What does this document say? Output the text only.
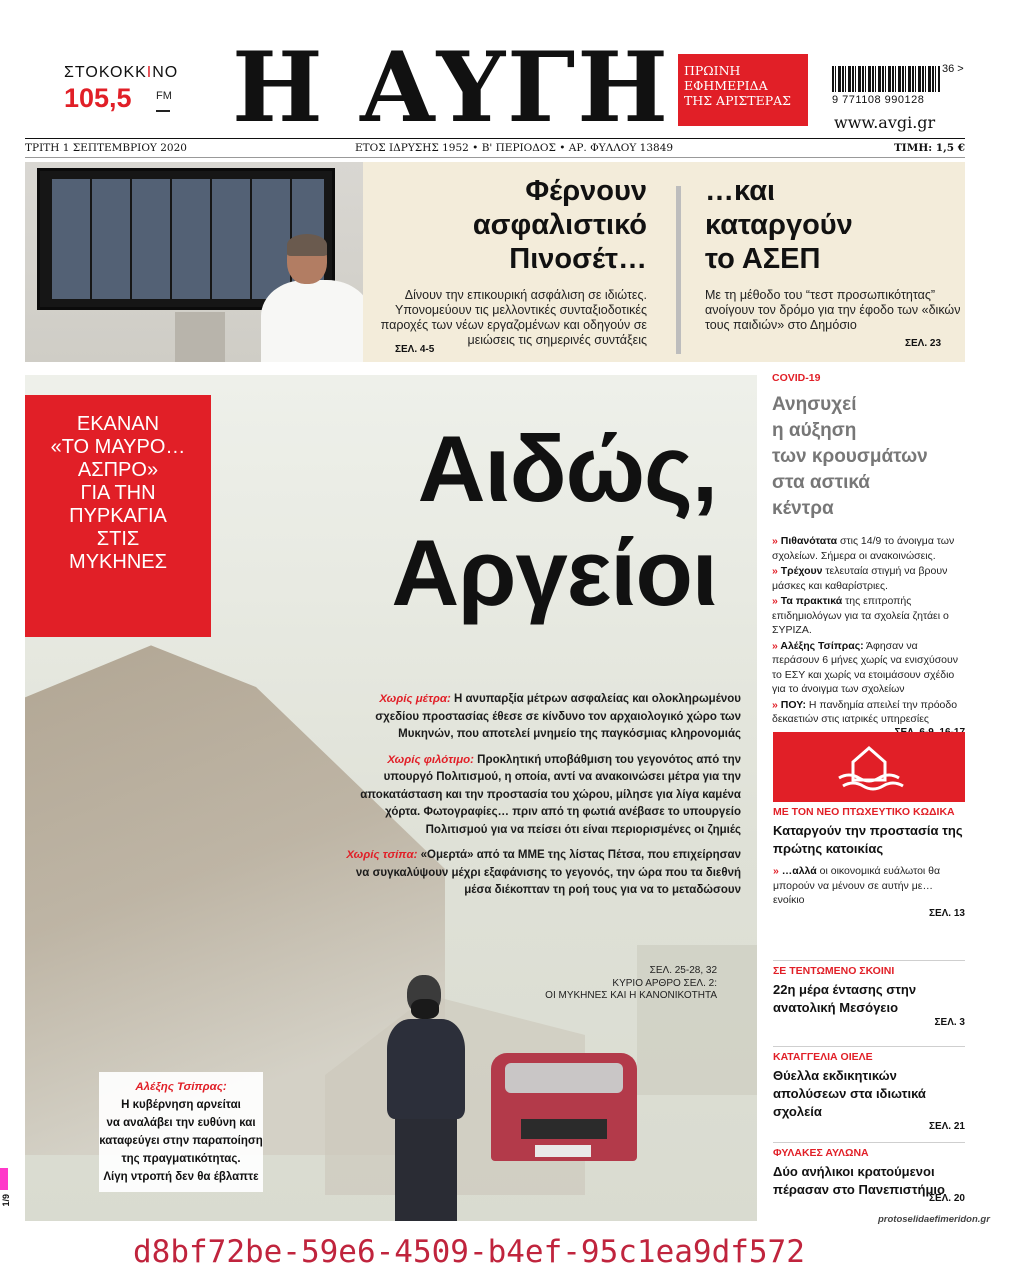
ΣΤΟΚΟΚΚΙΝΟ
105,5	FM Η ΑΥΓΗ ΠΡΩΙΝΗ
ΕΦΗΜΕΡΙΔΑ
ΤΗΣ ΑΡΙΣΤΕΡΑΣ
36 >
9 771108 990128
www.avgi.gr
ΤΡΙΤΗ 1 ΣΕΠΤΕΜΒΡΙΟΥ 2020	ΕΤΟΣ ΙΔΡΥΣΗΣ 1952 • Β' ΠΕΡΙΟΔΟΣ • ΑΡ. ΦΥΛΛΟΥ 13849	ΤΙΜΗ: 1,5 €
Φέρνουν
ασφαλιστικό
Πινοσέτ…
Δίνουν την επικουρική ασφάλιση σε ιδιώτες. Υπονομεύουν τις μελλοντικές συνταξιοδοτικές παροχές των νέων εργαζομένων και οδηγούν σε μειώσεις τις σημερινές συντάξεις
ΣΕΛ. 4-5
…και
καταργούν
το ΑΣΕΠ
Με τη μέθοδο του “τεστ προσωπικότητας” ανοίγουν τον δρόμο για την έφοδο των «δικών τους παιδιών» στο Δημόσιο
ΣΕΛ. 23
ΕΚΑΝΑΝ
«ΤΟ ΜΑΥΡΟ…
ΑΣΠΡΟ»
ΓΙΑ ΤΗΝ
ΠΥΡΚΑΓΙΑ
ΣΤΙΣ
ΜΥΚΗΝΕΣ
Αιδώς,
Αργείοι

Χωρίς μέτρα: Η ανυπαρξία μέτρων ασφαλείας και ολοκληρωμένου σχεδίου προστασίας έθεσε σε κίνδυνο τον αρχαιολογικό χώρο των Μυκηνών, που αποτελεί μνημείο της παγκόσμιας κληρονομιάς

Χωρίς φιλότιμο: Προκλητική υποβάθμιση του γεγονότος από την υπουργό Πολιτισμού, η οποία, αντί να ανακοινώσει μέτρα για την αποκατάσταση και την προστασία του χώρου, μίλησε για λίγα καμένα χόρτα. Φωτογραφίες… πριν από τη φωτιά ανέβασε το υπουργείο Πολιτισμού για να πείσει ότι είναι περιορισμένες οι ζημιές

Χωρίς τσίπα: «Ομερτά» από τα ΜΜΕ της λίστας Πέτσα, που επιχείρησαν να συγκαλύψουν μέχρι εξαφάνισης το γεγονός, την ώρα που τα διεθνή μέσα διέκοπταν τη ροή τους για να το μεταδώσουν

ΣΕΛ. 25-28, 32
ΚΥΡΙΟ ΑΡΘΡΟ ΣΕΛ. 2:
ΟΙ ΜΥΚΗΝΕΣ ΚΑΙ Η ΚΑΝΟΝΙΚΟΤΗΤΑ
Αλέξης Τσίπρας:
Η κυβέρνηση αρνείται
να αναλάβει την ευθύνη και
καταφεύγει στην παραποίηση
της πραγματικότητας.
Λίγη ντροπή δεν θα έβλαπτε
COVID-19
Ανησυχεί
η αύξηση
των κρουσμάτων
στα αστικά
κέντρα
» Πιθανότατα στις 14/9 το άνοιγμα των σχολείων. Σήμερα οι ανακοινώσεις.
» Τρέχουν τελευταία στιγμή να βρουν μάσκες και καθαρίστριες.
» Τα πρακτικά της επιτροπής επιδημιολόγων για τα σχολεία ζητάει ο ΣΥΡΙΖΑ.
» Αλέξης Τσίπρας: Άφησαν να περάσουν 6 μήνες χωρίς να ενισχύσουν το ΕΣΥ και χωρίς να ετοιμάσουν σχέδιο για το άνοιγμα των σχολείων
» ΠΟΥ: Η πανδημία απειλεί την πρόοδο δεκαετιών στις ιατρικές υπηρεσίες
ΜΕ ΤΟΝ ΝΕΟ ΠΤΩΧΕΥΤΙΚΟ ΚΩΔΙΚΑ
Καταργούν την προστασία της πρώτης κατοικίας
» …αλλά οι οικονομικά ευάλωτοι θα μπορούν να μένουν σε αυτήν με… ενοίκιο
ΣΕΛ. 13
ΣΕ ΤΕΝΤΩΜΕΝΟ ΣΚΟΙΝΙ
22η μέρα έντασης στην ανατολική Μεσόγειο
ΣΕΛ. 3
ΚΑΤΑΓΓΕΛΙΑ ΟΙΕΛΕ
Θύελλα εκδικητικών απολύσεων στα ιδιωτικά σχολεία
ΣΕΛ. 21
ΦΥΛΑΚΕΣ ΑΥΛΩΝΑ
Δύο ανήλικοι κρατούμενοι πέρασαν στο Πανεπιστήμιο
ΣΕΛ. 20
1/9
protoselidaefimeridon.gr
d8bf72be-59e6-4509-b4ef-95c1ea9df572
